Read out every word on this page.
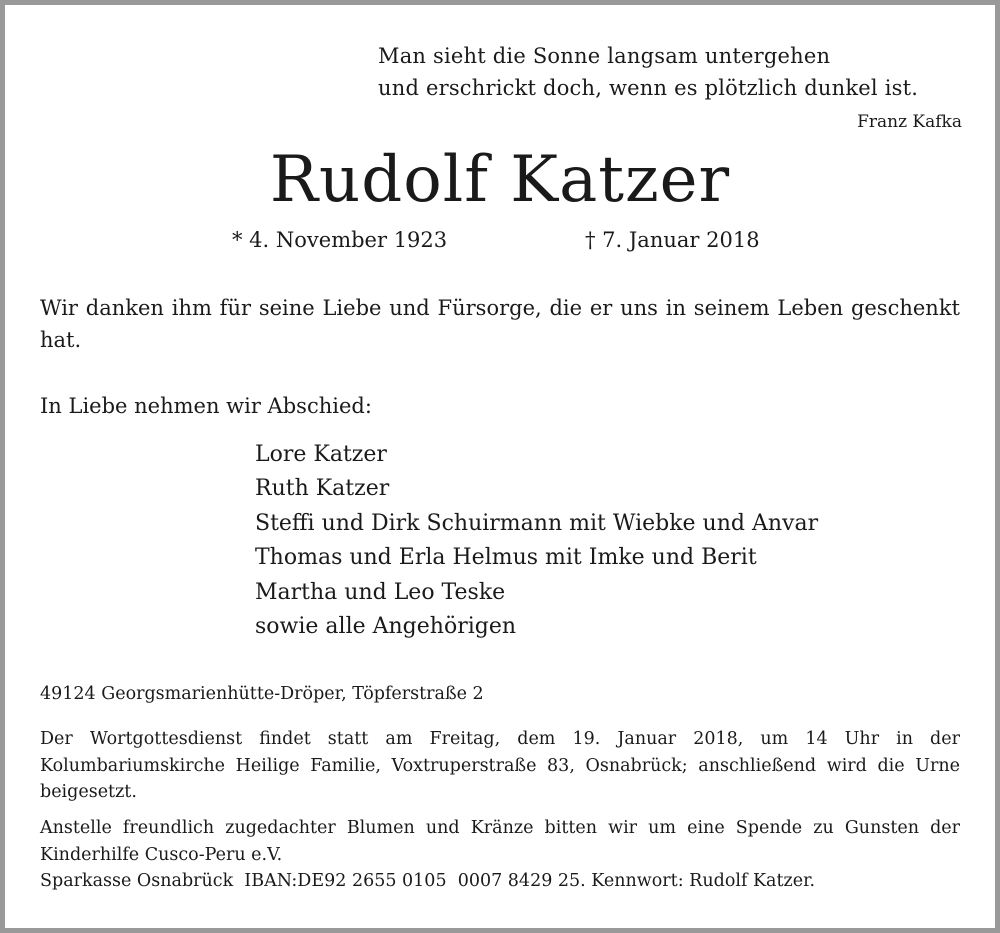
Man sieht die Sonne langsam untergehen
und erschrickt doch, wenn es plötzlich dunkel ist.
Franz Kafka
Rudolf Katzer
* 4. November 1923	† 7. Januar 2018
Wir danken ihm für seine Liebe und Fürsorge, die er uns in seinem Leben geschenkt hat.
In Liebe nehmen wir Abschied:
Lore Katzer
Ruth Katzer
Steffi und Dirk Schuirmann mit Wiebke und Anvar
Thomas und Erla Helmus mit Imke und Berit
Martha und Leo Teske
sowie alle Angehörigen
49124 Georgsmarienhütte-Dröper, Töpferstraße 2
Der Wortgottesdienst findet statt am Freitag, dem 19. Januar 2018, um 14 Uhr in der Kolumbariumskirche Heilige Familie, Voxtruperstraße 83, Osnabrück; anschließend wird die Urne beigesetzt.
Anstelle freundlich zugedachter Blumen und Kränze bitten wir um eine Spende zu Gunsten der Kinderhilfe Cusco-Peru e.V.
Sparkasse Osnabrück  IBAN:DE92 2655 0105  0007 8429 25. Kennwort: Rudolf Katzer.
